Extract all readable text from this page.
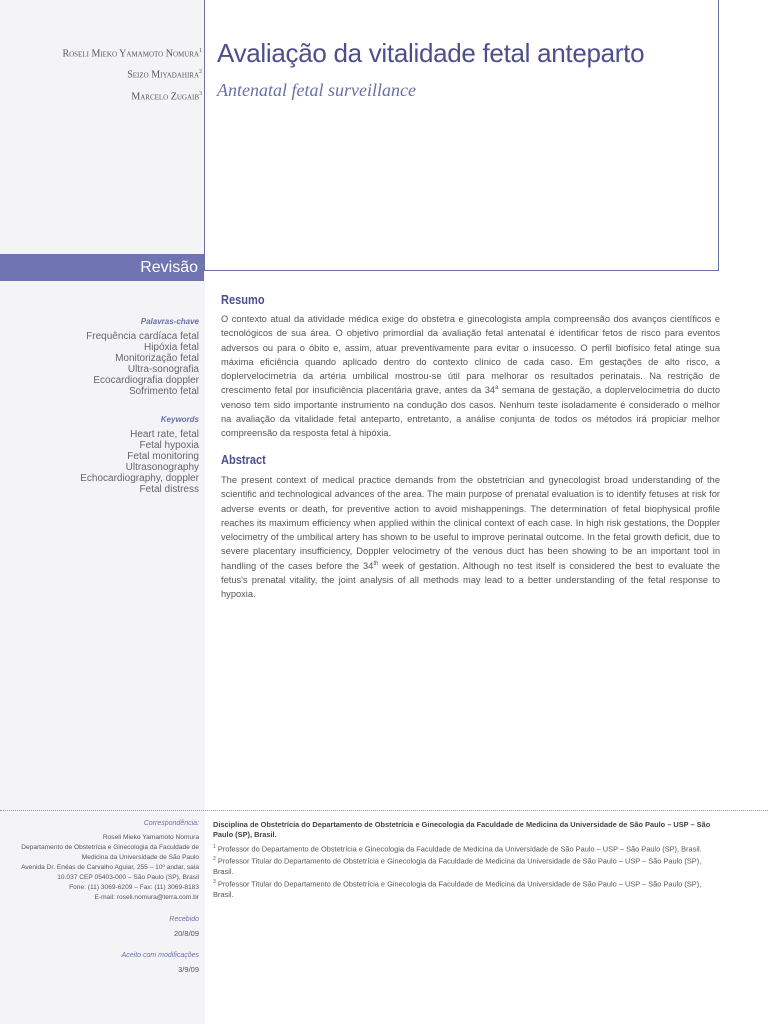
Roseli Mieko Yamamoto Nomura$^1$
Seizo Miyadahira$^2$
Marcelo Zugaib$^3$
Avaliação da vitalidade fetal anteparto
Antenatal fetal surveillance
Revisão
Palavras-chave
Frequência cardíaca fetal
Hipóxia fetal
Monitorização fetal
Ultra-sonografia
Ecocardiografia doppler
Sofrimento fetal
Keywords
Heart rate, fetal
Fetal hypoxia
Fetal monitoring
Ultrasonography
Echocardiography, doppler
Fetal distress
Resumo

O contexto atual da atividade médica exige do obstetra e ginecologista ampla compreensão dos avanços científicos e tecnológicos de sua área. O objetivo primordial da avaliação fetal antenatal é identificar fetos de risco para eventos adversos ou para o óbito e, assim, atuar preventivamente para evitar o insucesso. O perfil biofísico fetal atinge sua máxima eficiência quando aplicado dentro do contexto clínico de cada caso. Em gestações de alto risco, a doplervelocimetria da artéria umbilical mostrou-se útil para melhorar os resultados perinatais. Na restrição de crescimento fetal por insuficiência placentária grave, antes da 34$^a$ semana de gestação, a doplervelocimetria do ducto venoso tem sido importante instrumento na condução dos casos. Nenhum teste isoladamente é considerado o melhor na avaliação da vitalidade fetal anteparto, entretanto, a análise conjunta de todos os métodos irá propiciar melhor compreensão da resposta fetal à hipóxia.

Abstract

The present context of medical practice demands from the obstetrician and gynecologist broad understanding of the scientific and technological advances of the area. The main purpose of prenatal evaluation is to identify fetuses at risk for adverse events or death, for preventive action to avoid mishappenings. The determination of fetal biophysical profile reaches its maximum efficiency when applied within the clinical context of each case. In high risk gestations, the Doppler velocimetry of the umbilical artery has shown to be useful to improve perinatal outcome. In the fetal growth deficit, due to severe placentary insufficiency, Doppler velocimetry of the venous duct has been showing to be an important tool in handling of the cases before the 34th week of gestation. Although no test itself is considered the best to evaluate the fetus's prenatal vitality, the joint analysis of all methods may lead to a better understanding of the fetal response to hypoxia.

Correspondência:
Roseli Mieko Yamamoto Nomura
Departamento de Obstetrícia e Ginecologia da Faculdade de
Medicina da Universidade de São Paulo
Avenida Dr. Enéas de Carvalho Aguiar, 255 – 10º andar, sala
10.037 CEP 05403-000 – São Paulo (SP), Brasil
Fone: (11) 3069-6209 – Fax: (11) 3069-8183
E-mail: roseli.nomura@terra.com.br
Recebido
20/8/09
Aceito com modificações
3/9/09
Disciplina de Obstetrícia do Departamento de Obstetrícia e Ginecologia da Faculdade de Medicina da Universidade de São Paulo – USP – São Paulo (SP), Brasil.

$^1$ Professor do Departamento de Obstetrícia e Ginecologia da Faculdade de Medicina da Universidade de São Paulo – USP – São Paulo (SP), Brasil.

$^2$ Professor Titular do Departamento de Obstetrícia e Ginecologia da Faculdade de Medicina da Universidade de São Paulo – USP – São Paulo (SP), Brasil.

$^3$ Professor Titular do Departamento de Obstetrícia e Ginecologia da Faculdade de Medicina da Universidade de São Paulo – USP – São Paulo (SP), Brasil.
